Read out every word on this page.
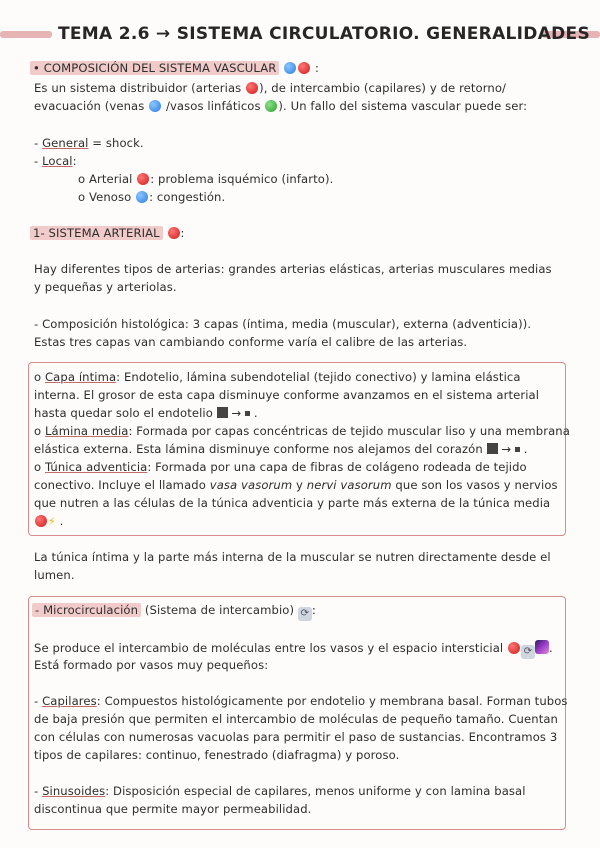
TEMA 2.6 → SISTEMA CIRCULATORIO. GENERALIDADES
• COMPOSICIÓN DEL SISTEMA VASCULAR	:
Es un sistema distribuidor (arterias ), de intercambio (capilares) y de retorno/
evacuación (venas  /vasos linfáticos ). Un fallo del sistema vascular puede ser:
- General = shock.
- Local:
o Arterial : problema isquémico (infarto).
o Venoso : congestión.
1- SISTEMA ARTERIAL :
Hay diferentes tipos de arterias: grandes arterias elásticas, arterias musculares medias
y pequeñas y arteriolas.
- Composición histológica: 3 capas (íntima, media (muscular), externa (adventicia)).
Estas tres capas van cambiando conforme varía el calibre de las arterias.
o Capa íntima: Endotelio, lámina subendotelial (tejido conectivo) y lamina elástica
interna. El grosor de esta capa disminuye conforme avanzamos en el sistema arterial
hasta quedar solo el endotelio  → .
o Lámina media: Formada por capas concéntricas de tejido muscular liso y una membrana
elástica externa. Esta lámina disminuye conforme nos alejamos del corazón  → .
o Túnica adventicia: Formada por una capa de fibras de colágeno rodeada de tejido
conectivo. Incluye el llamado vasa vasorum y nervi vasorum que son los vasos y nervios
que nutren a las células de la túnica adventicia y parte más externa de la túnica media
⚡ .
La túnica íntima y la parte más interna de la muscular se nutren directamente desde el
lumen.
- Microcirculación (Sistema de intercambio) ⟳ :
Se produce el intercambio de moléculas entre los vasos y el espacio intersticial ⟳ .
Está formado por vasos muy pequeños:
- Capilares: Compuestos histológicamente por endotelio y membrana basal. Forman tubos
de baja presión que permiten el intercambio de moléculas de pequeño tamaño. Cuentan
con células con numerosas vacuolas para permitir el paso de sustancias. Encontramos 3
tipos de capilares: continuo, fenestrado (diafragma) y poroso.
- Sinusoides: Disposición especial de capilares, menos uniforme y con lamina basal
discontinua que permite mayor permeabilidad.
